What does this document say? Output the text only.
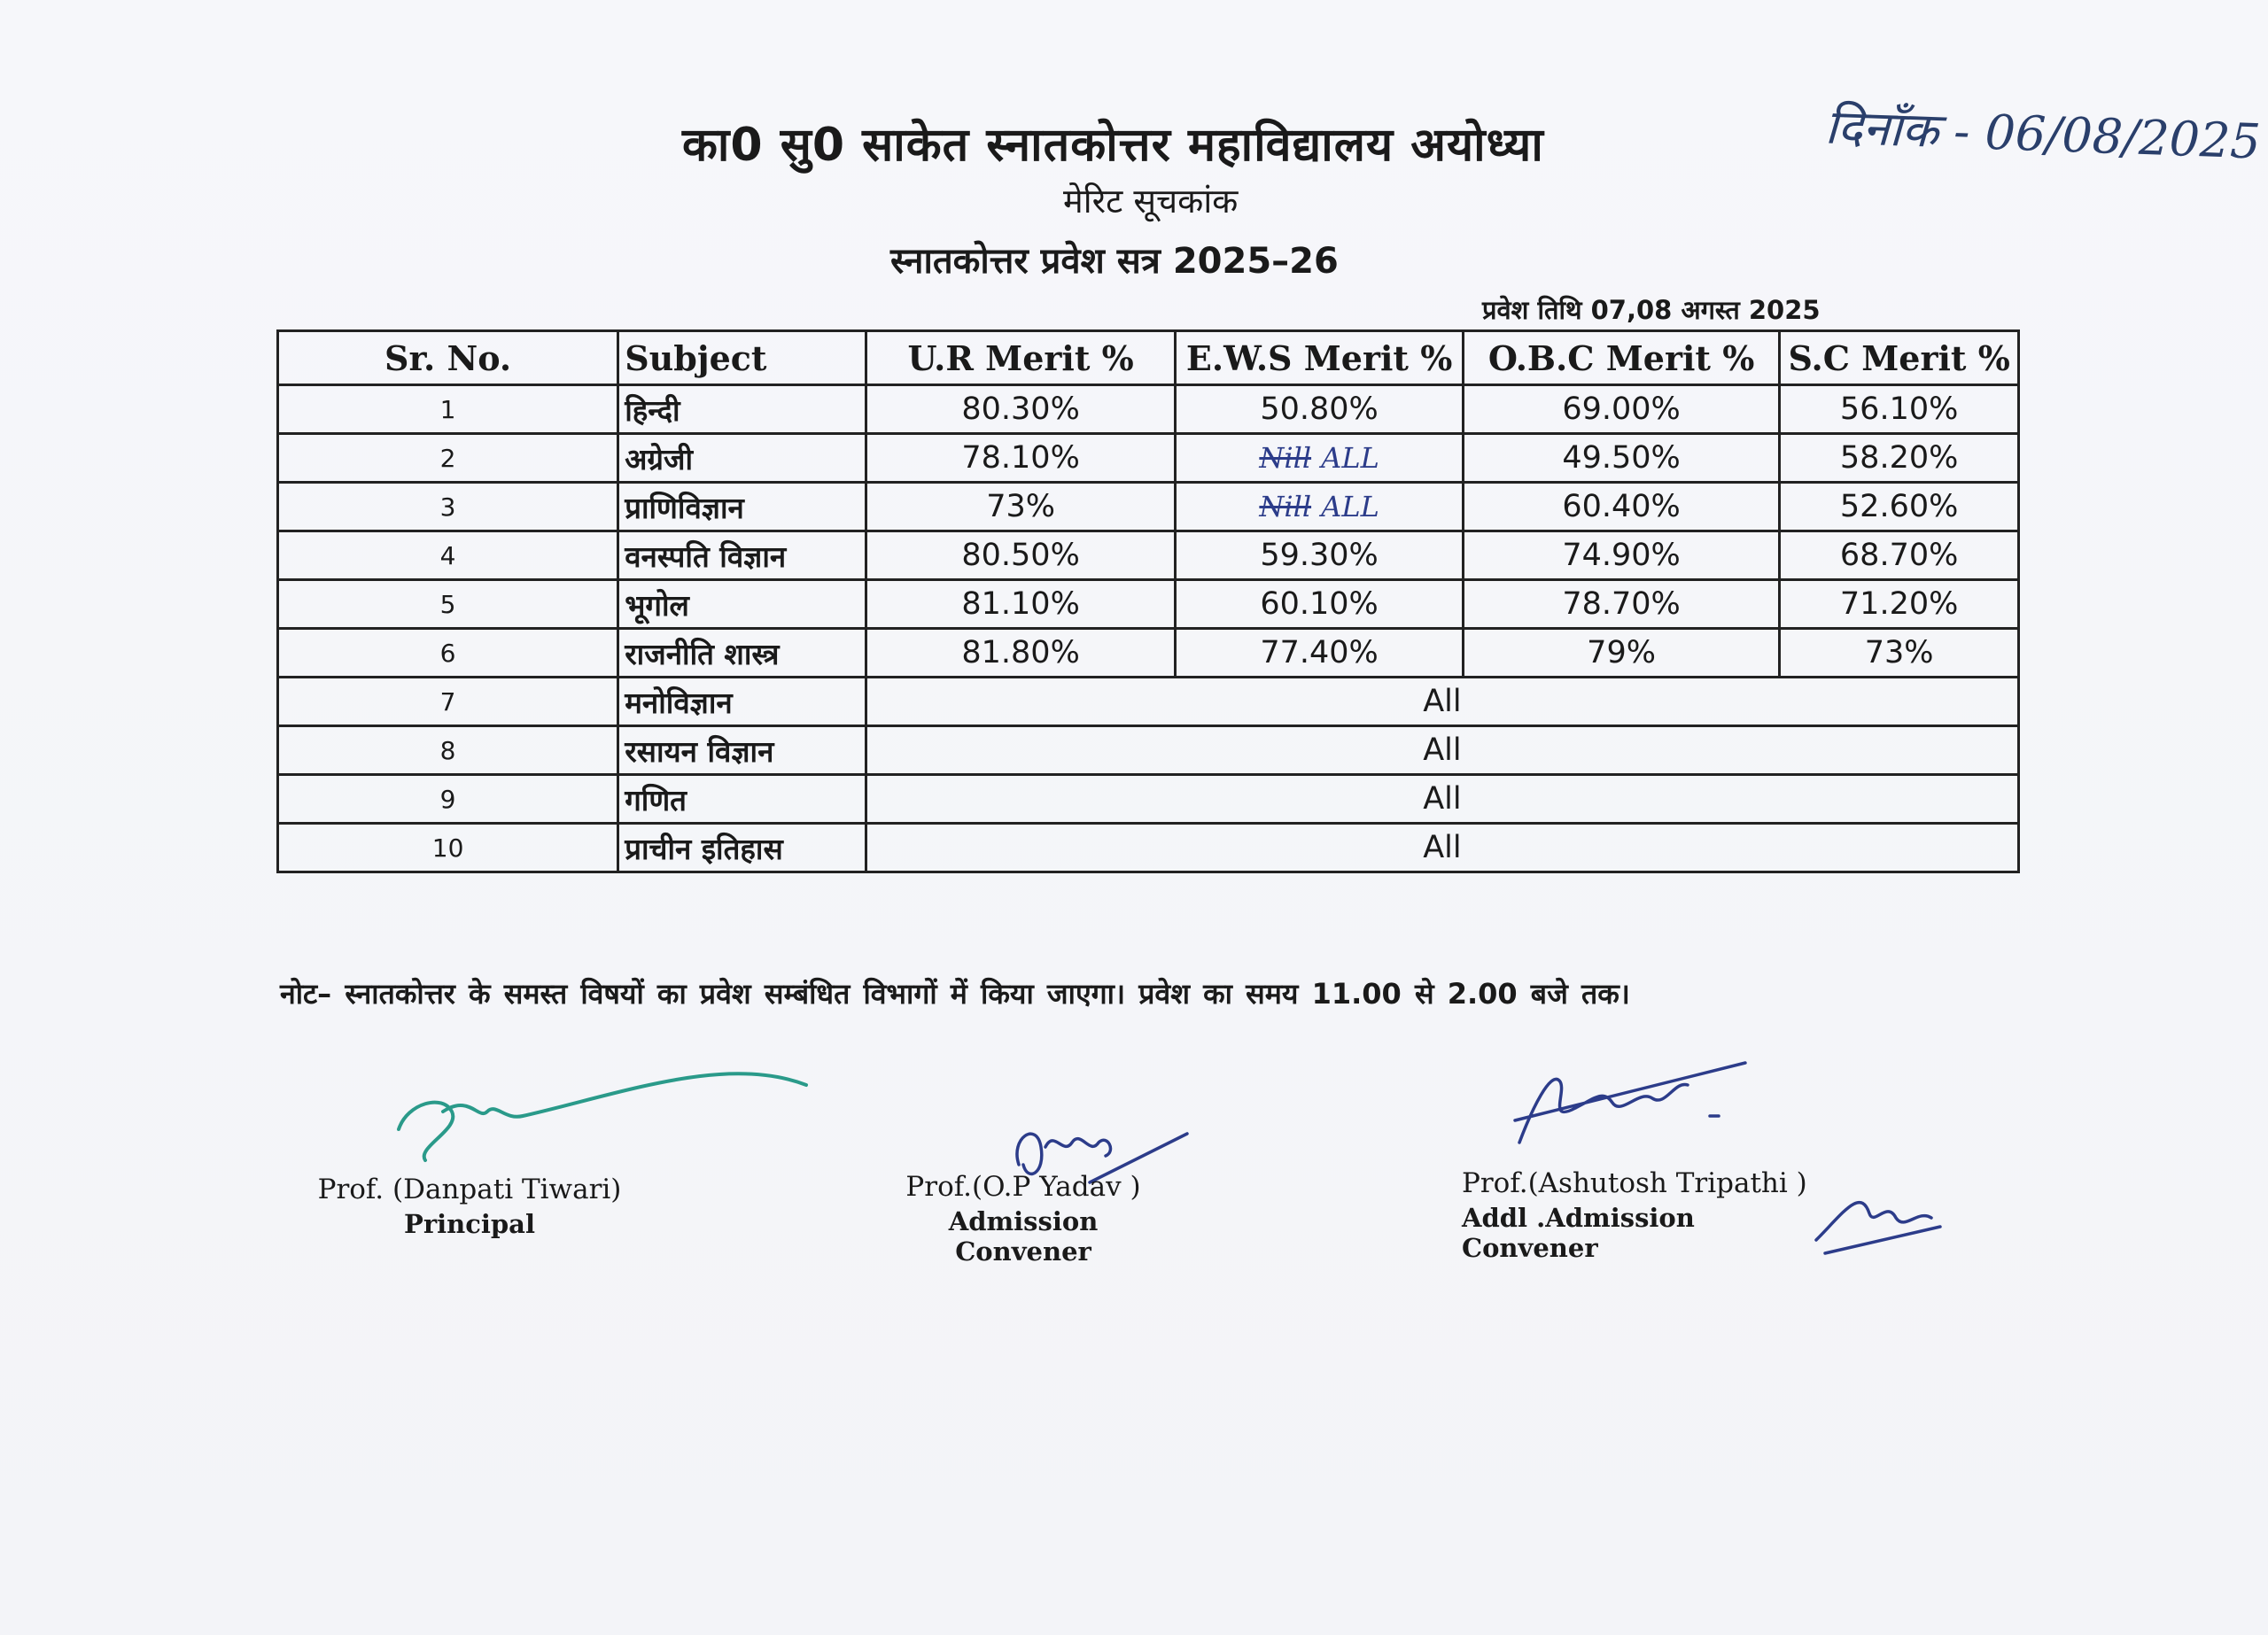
का0 सु0 साकेत स्नातकोत्तर महाविद्यालय अयोध्या
मेरिट सूचकांक
स्नातकोत्तर प्रवेश सत्र 2025–26
प्रवेश तिथि 07,08 अगस्त 2025
दिनाँक - 06/08/2025
Sr. No.	Subject	U.R Merit %	E.W.S Merit %	O.B.C Merit %	S.C Merit %
1	हिन्दी	80.30%	50.80%	69.00%	56.10%
2	अग्रेजी	78.10%	Nill ALL	49.50%	58.20%
3	प्राणिविज्ञान	73%	Nill ALL	60.40%	52.60%
4	वनस्पति विज्ञान	80.50%	59.30%	74.90%	68.70%
5	भूगोल	81.10%	60.10%	78.70%	71.20%
6	राजनीति शास्त्र	81.80%	77.40%	79%	73%
7	मनोविज्ञान	All			
8	रसायन विज्ञान	All			
9	गणित	All			
10	प्राचीन इतिहास	All			
नोट– स्नातकोत्तर के समस्त विषयों का प्रवेश सम्बंधित विभागों में किया जाएगा। प्रवेश का समय 11.00 से 2.00 बजे तक।
Prof. (Danpati Tiwari)
Principal
Prof.(O.P Yadav )
Admission Convener
Prof.(Ashutosh Tripathi )
Addl .Admission Convener
